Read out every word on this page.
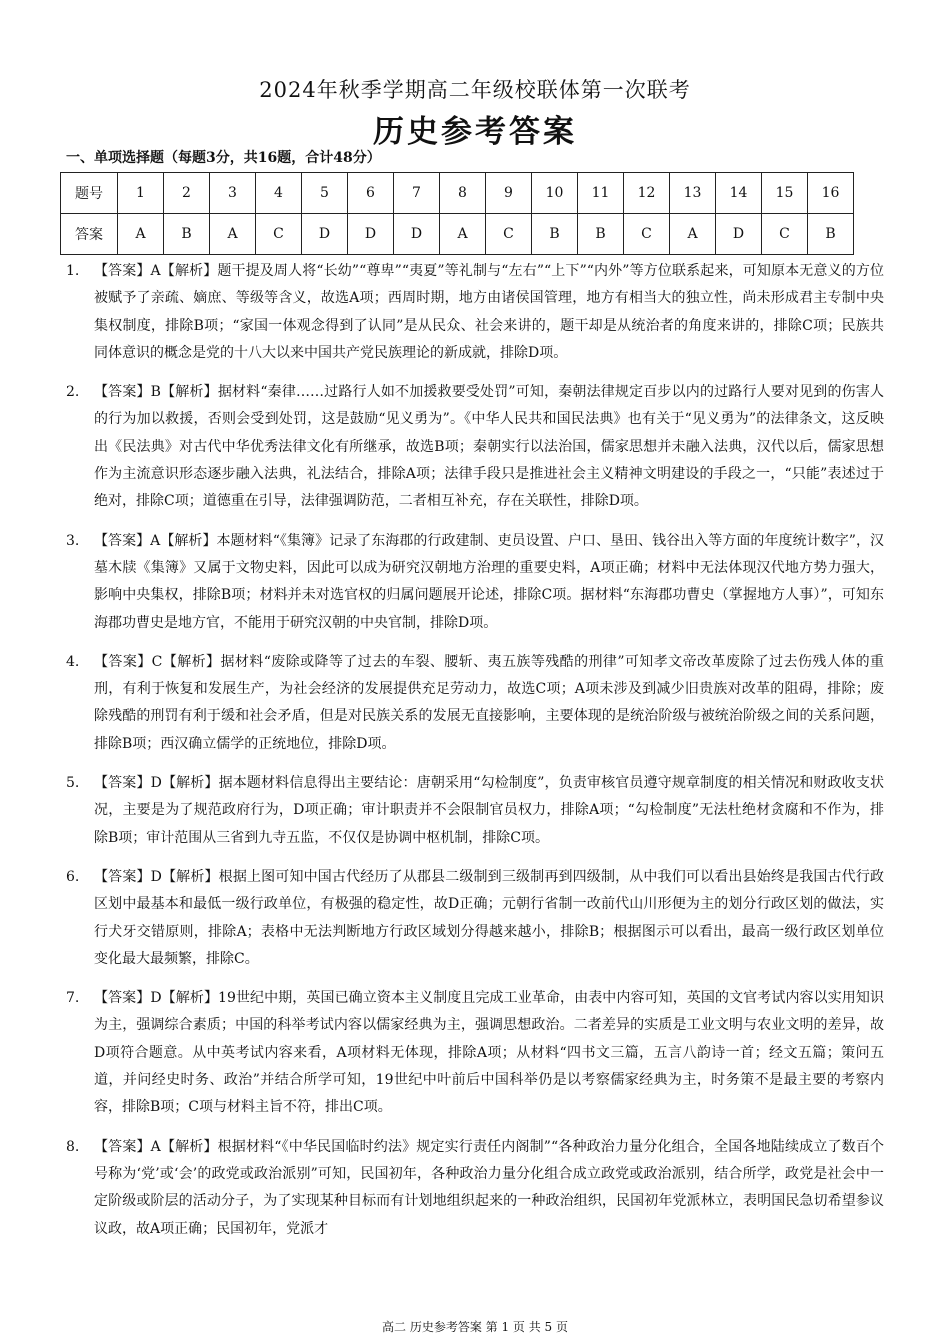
2024年秋季学期高二年级校联体第一次联考
历史参考答案
一、单项选择题（每题3分，共16题，合计48分）
题号	1	2	3	4	5	6	7	8	9	10	11	12	13	14	15	16
答案	A	B	A	C	D	D	D	A	C	B	B	C	A	D	C	B
1.	【答案】A【解析】题干提及周人将“长幼”“尊卑”“夷夏”等礼制与“左右”“上下”“内外”等方位联系起来，可知原本无意义的方位被赋予了亲疏、嫡庶、等级等含义，故选A项；西周时期，地方由诸侯国管理，地方有相当大的独立性，尚未形成君主专制中央集权制度，排除B项；“家国一体观念得到了认同”是从民众、社会来讲的，题干却是从统治者的角度来讲的，排除C项；民族共同体意识的概念是党的十八大以来中国共产党民族理论的新成就，排除D项。
2.	【答案】B【解析】据材料“秦律……过路行人如不加援救要受处罚”可知，秦朝法律规定百步以内的过路行人要对见到的伤害人的行为加以救援，否则会受到处罚，这是鼓励“见义勇为”。《中华人民共和国民法典》也有关于“见义勇为”的法律条文，这反映出《民法典》对古代中华优秀法律文化有所继承，故选B项；秦朝实行以法治国，儒家思想并未融入法典，汉代以后，儒家思想作为主流意识形态逐步融入法典，礼法结合，排除A项；法律手段只是推进社会主义精神文明建设的手段之一，“只能”表述过于绝对，排除C项；道德重在引导，法律强调防范，二者相互补充，存在关联性，排除D项。
3.	【答案】A【解析】本题材料“《集簿》记录了东海郡的行政建制、吏员设置、户口、垦田、钱谷出入等方面的年度统计数字”，汉墓木牍《集簿》又属于文物史料，因此可以成为研究汉朝地方治理的重要史料，A项正确；材料中无法体现汉代地方势力强大，影响中央集权，排除B项；材料并未对选官权的归属问题展开论述，排除C项。据材料“东海郡功曹史（掌握地方人事）”，可知东海郡功曹史是地方官，不能用于研究汉朝的中央官制，排除D项。
4.	【答案】C【解析】据材料“废除或降等了过去的车裂、腰斩、夷五族等残酷的刑律”可知孝文帝改革废除了过去伤残人体的重刑，有利于恢复和发展生产，为社会经济的发展提供充足劳动力，故选C项；A项未涉及到减少旧贵族对改革的阻碍，排除；废除残酷的刑罚有利于缓和社会矛盾，但是对民族关系的发展无直接影响，主要体现的是统治阶级与被统治阶级之间的关系问题，排除B项；西汉确立儒学的正统地位，排除D项。
5.	【答案】D【解析】据本题材料信息得出主要结论：唐朝采用“勾检制度”，负责审核官员遵守规章制度的相关情况和财政收支状况，主要是为了规范政府行为，D项正确；审计职责并不会限制官员权力，排除A项；“勾检制度”无法杜绝材贪腐和不作为，排除B项；审计范围从三省到九寺五监，不仅仅是协调中枢机制，排除C项。
6.	【答案】D【解析】根据上图可知中国古代经历了从郡县二级制到三级制再到四级制，从中我们可以看出县始终是我国古代行政区划中最基本和最低一级行政单位，有极强的稳定性，故D正确；元朝行省制一改前代山川形便为主的划分行政区划的做法，实行犬牙交错原则，排除A；表格中无法判断地方行政区域划分得越来越小，排除B；根据图示可以看出，最高一级行政区划单位变化最大最频繁，排除C。
7.	【答案】D【解析】19世纪中期，英国已确立资本主义制度且完成工业革命，由表中内容可知，英国的文官考试内容以实用知识为主，强调综合素质；中国的科举考试内容以儒家经典为主，强调思想政治。二者差异的实质是工业文明与农业文明的差异，故D项符合题意。从中英考试内容来看，A项材料无体现，排除A项；从材料“四书文三篇，五言八韵诗一首；经文五篇；策问五道，并问经史时务、政治”并结合所学可知，19世纪中叶前后中国科举仍是以考察儒家经典为主，时务策不是最主要的考察内容，排除B项；C项与材料主旨不符，排出C项。
8.	【答案】A【解析】根据材料“《中华民国临时约法》规定实行责任内阁制”“各种政治力量分化组合，全国各地陆续成立了数百个号称为‘党’或‘会’的政党或政治派别”可知，民国初年，各种政治力量分化组合成立政党或政治派别，结合所学，政党是社会中一定阶级或阶层的活动分子，为了实现某种目标而有计划地组织起来的一种政治组织，民国初年党派林立，表明国民急切希望参议议政，故A项正确；民国初年，党派才
高二 历史参考答案 第 1 页 共 5 页
